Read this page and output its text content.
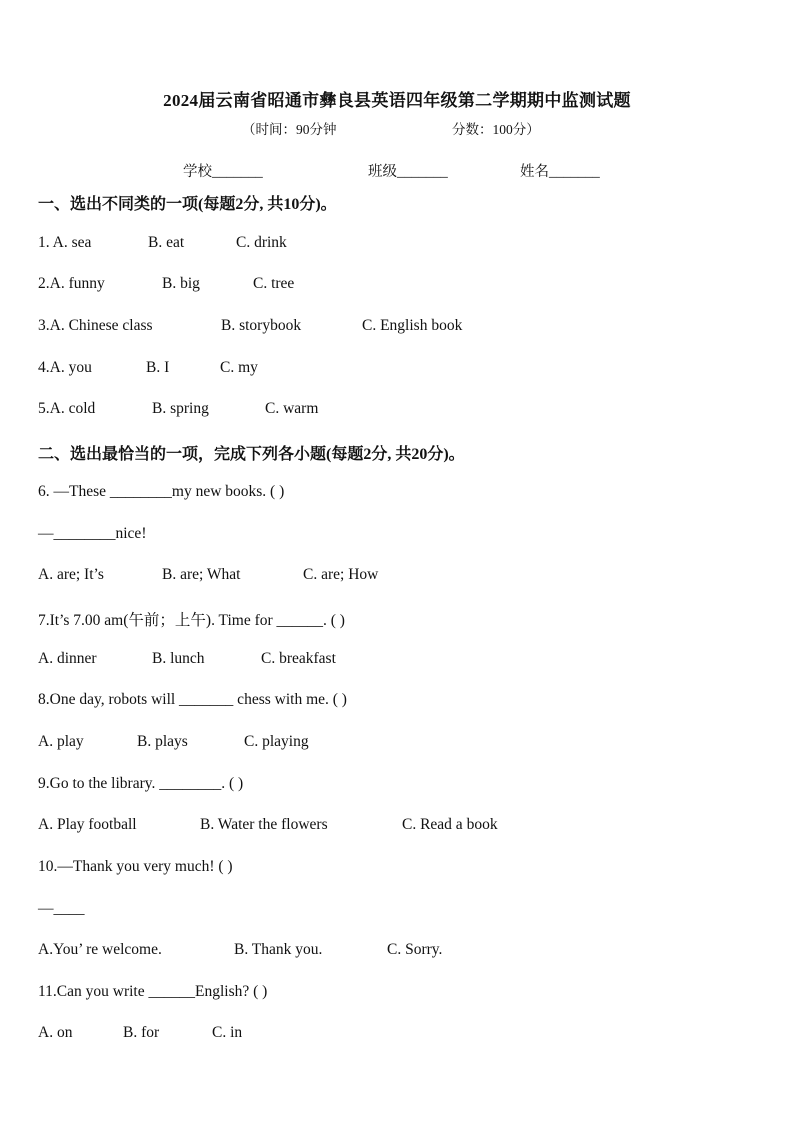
2024届云南省昭通市彝良县英语四年级第二学期期中监测试题
（时间：90分钟	分数：100分）
学校_______	班级_______	姓名_______
一、选出不同类的一项(每题2分, 共10分)。
1. A. sea	B. eat	C. drink
2.A. funny	B. big	C. tree
3.A. Chinese class	B. storybook	C. English book
4.A. you	B. I	C. my
5.A. cold	B. spring	C. warm
二、选出最恰当的一项，完成下列各小题(每题2分, 共20分)。
6. —These ________my new books. ( )
—________nice!
A. are; It’s	B. are; What	C. are; How
7.It’s 7.00 am(午前；上午). Time for ______. ( )
A. dinner	B. lunch	C. breakfast
8.One day, robots will _______ chess with me. ( )
A. play	B. plays	C. playing
9.Go to the library. ________. ( )
A. Play football	B. Water the flowers	C. Read a book
10.—Thank you very much! ( )
—____
A.You’ re welcome.	B. Thank you.	C. Sorry.
11.Can you write ______English? ( )
A. on	B. for	C. in
